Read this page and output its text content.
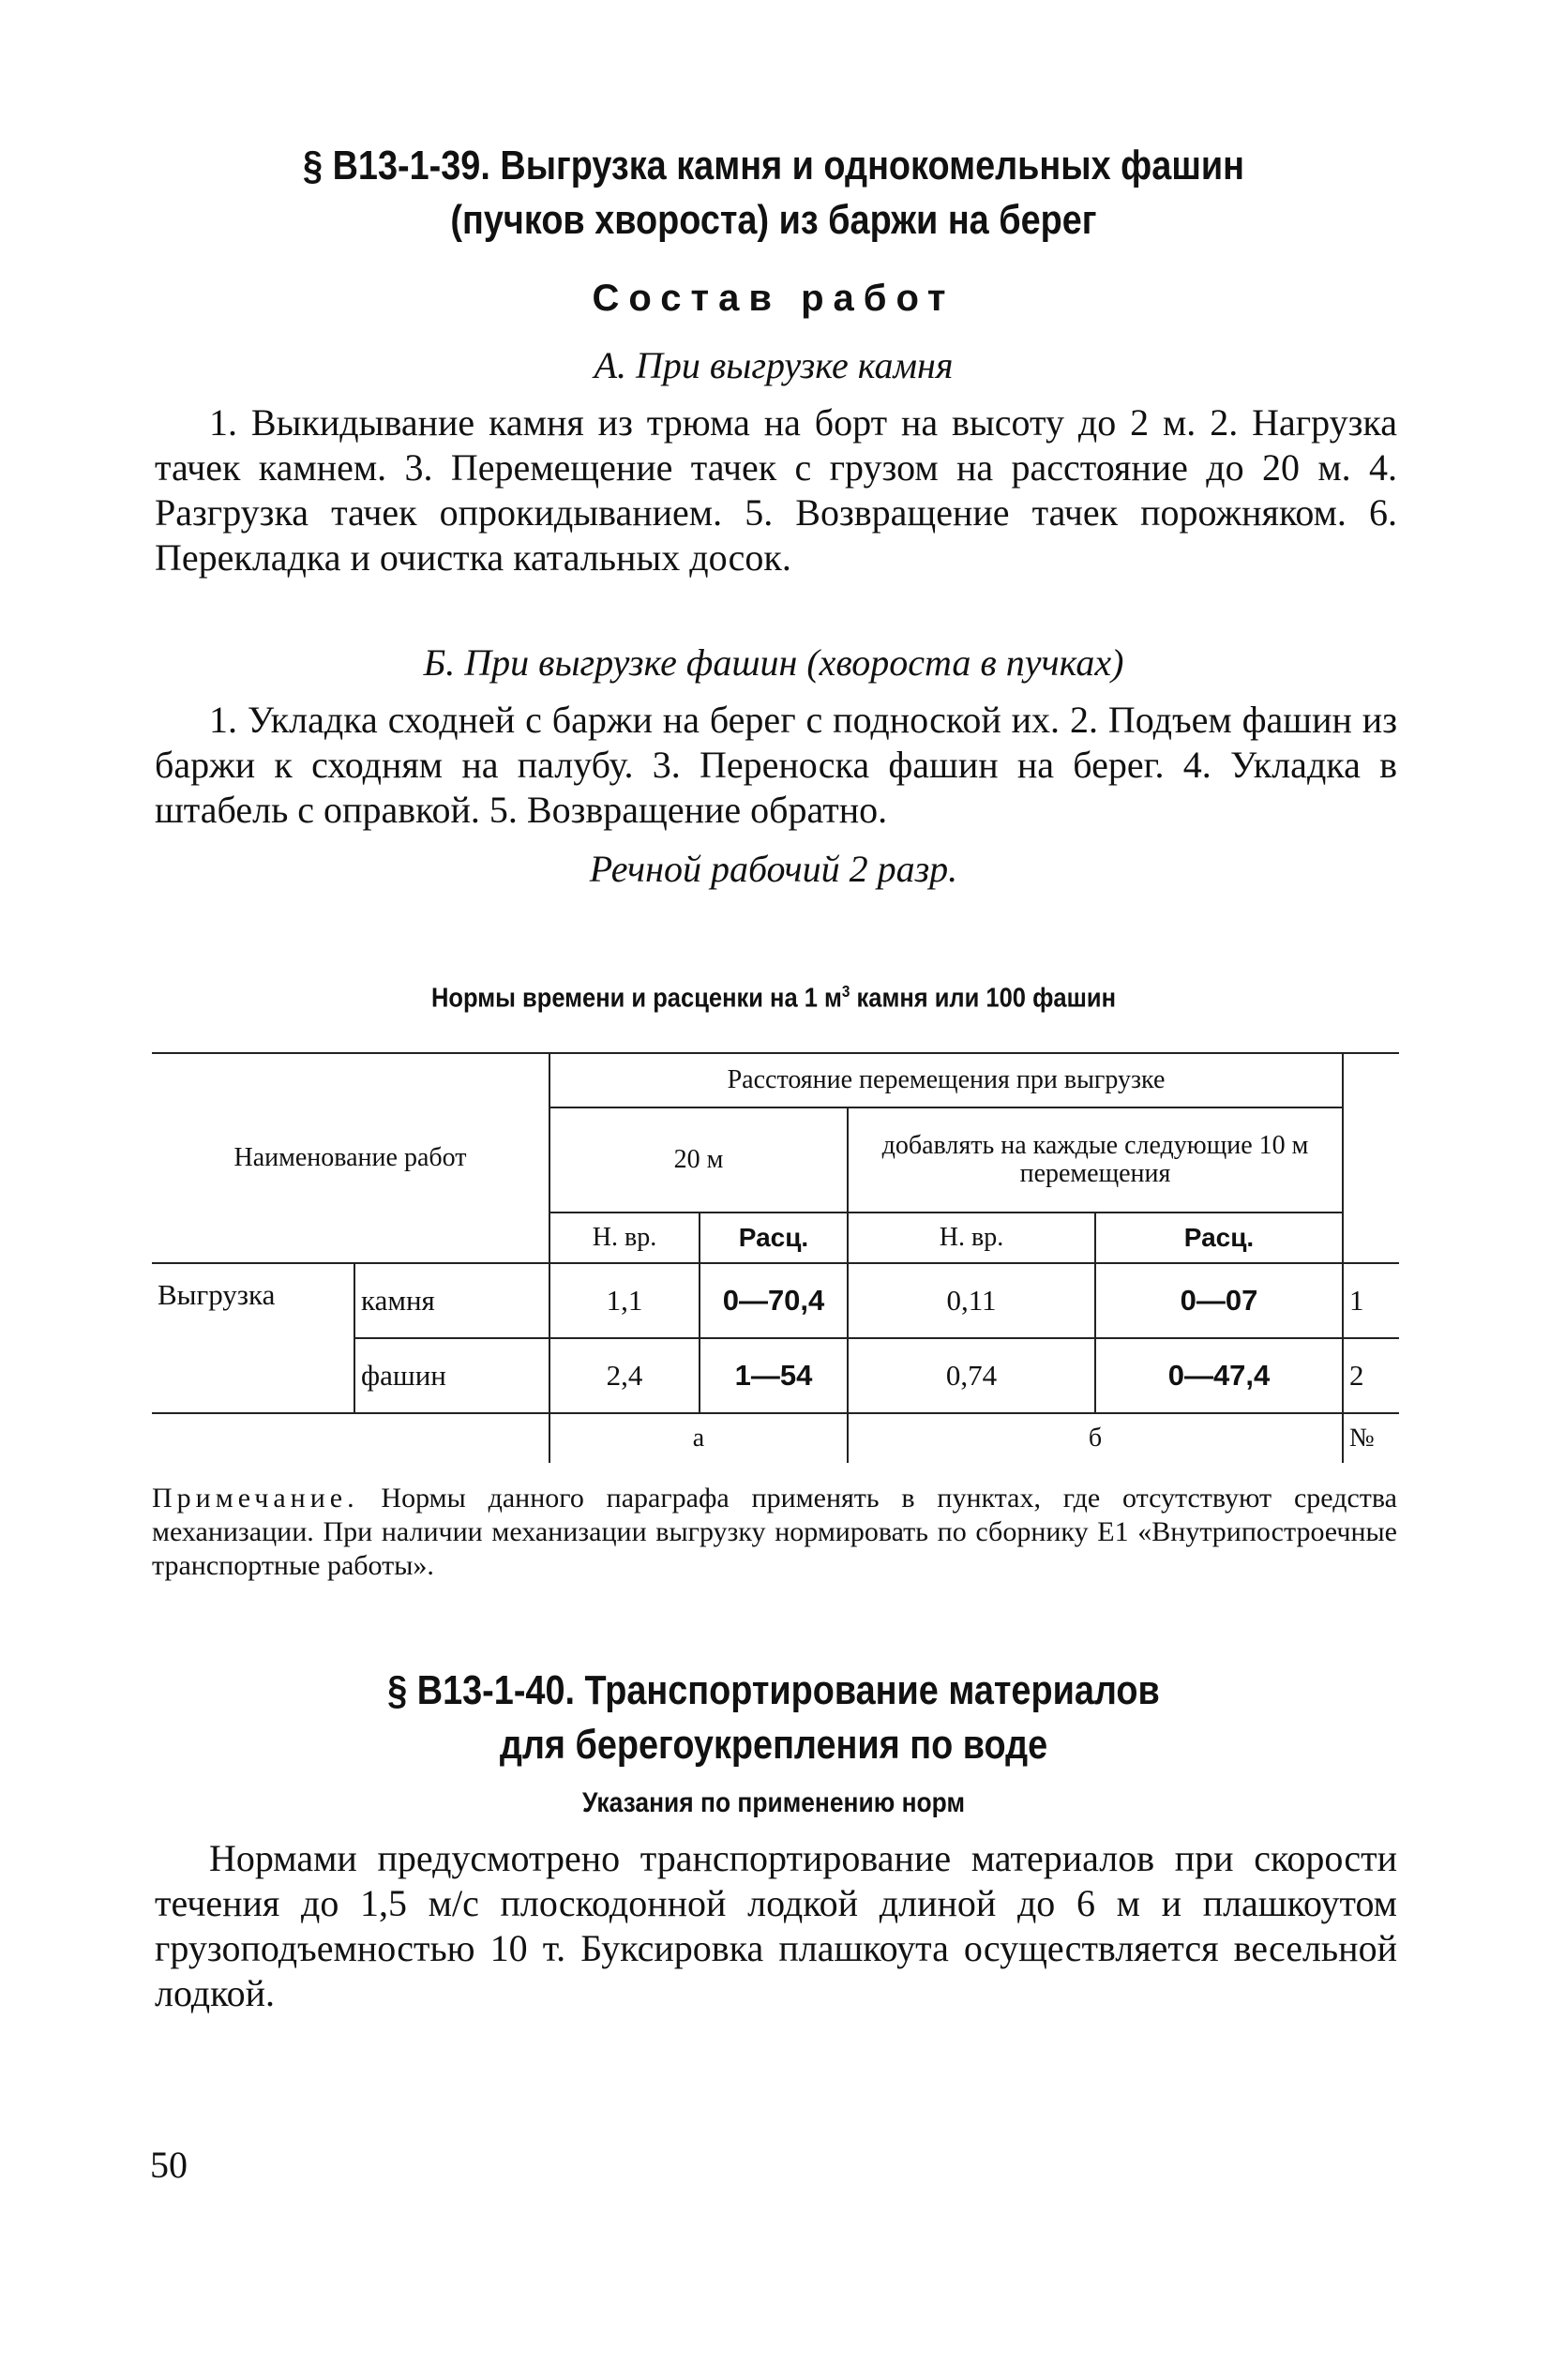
§ В13-1-39. Выгрузка камня и однокомельных фашин
(пучков хвороста) из баржи на берег
Состав работ
А. При выгрузке камня

1. Выкидывание камня из трюма на борт на высоту до 2 м. 2. Нагрузка тачек камнем. 3. Перемещение тачек с грузом на расстояние до 20 м. 4. Разгрузка тачек опрокидыванием. 5. Возвращение тачек порожняком. 6. Перекладка и очистка катальных досок.

Б. При выгрузке фашин (хвороста в пучках)

1. Укладка сходней с баржи на берег с подноской их. 2. Подъем фашин из баржи к сходням на палубу. 3. Переноска фашин на берег. 4. Укладка в штабель с оправкой. 5. Возвращение обратно.

Речной рабочий 2 разр.
Нормы времени и расценки на 1 $м^3$ камня или 100 фашин
Наименование работ		Расстояние перемещения при выгрузке				
		20 м		добавлять на каждые следующие 10 м перемещения		
		Н. вр.	Расц.	Н. вр.	Расц.	
Выгрузка	камня	1,1	0—70,4	0,11	0—07	1
	фашин	2,4	1—54	0,74	0—47,4	2
		а		б		№
Примечание. Нормы данного параграфа применять в пунктах, где отсутствуют средства механизации. При наличии механизации выгрузку нормировать по сборнику Е1 «Внутрипостроечные транспортные работы».
§ В13-1-40. Транспортирование материалов
для берегоукрепления по воде
Указания по применению норм

Нормами предусмотрено транспортирование материалов при скорости течения до 1,5 м/с плоскодонной лодкой длиной до 6 м и плашкоутом грузоподъемностью 10 т. Буксировка плашкоута осуществляется весельной лодкой.

50
